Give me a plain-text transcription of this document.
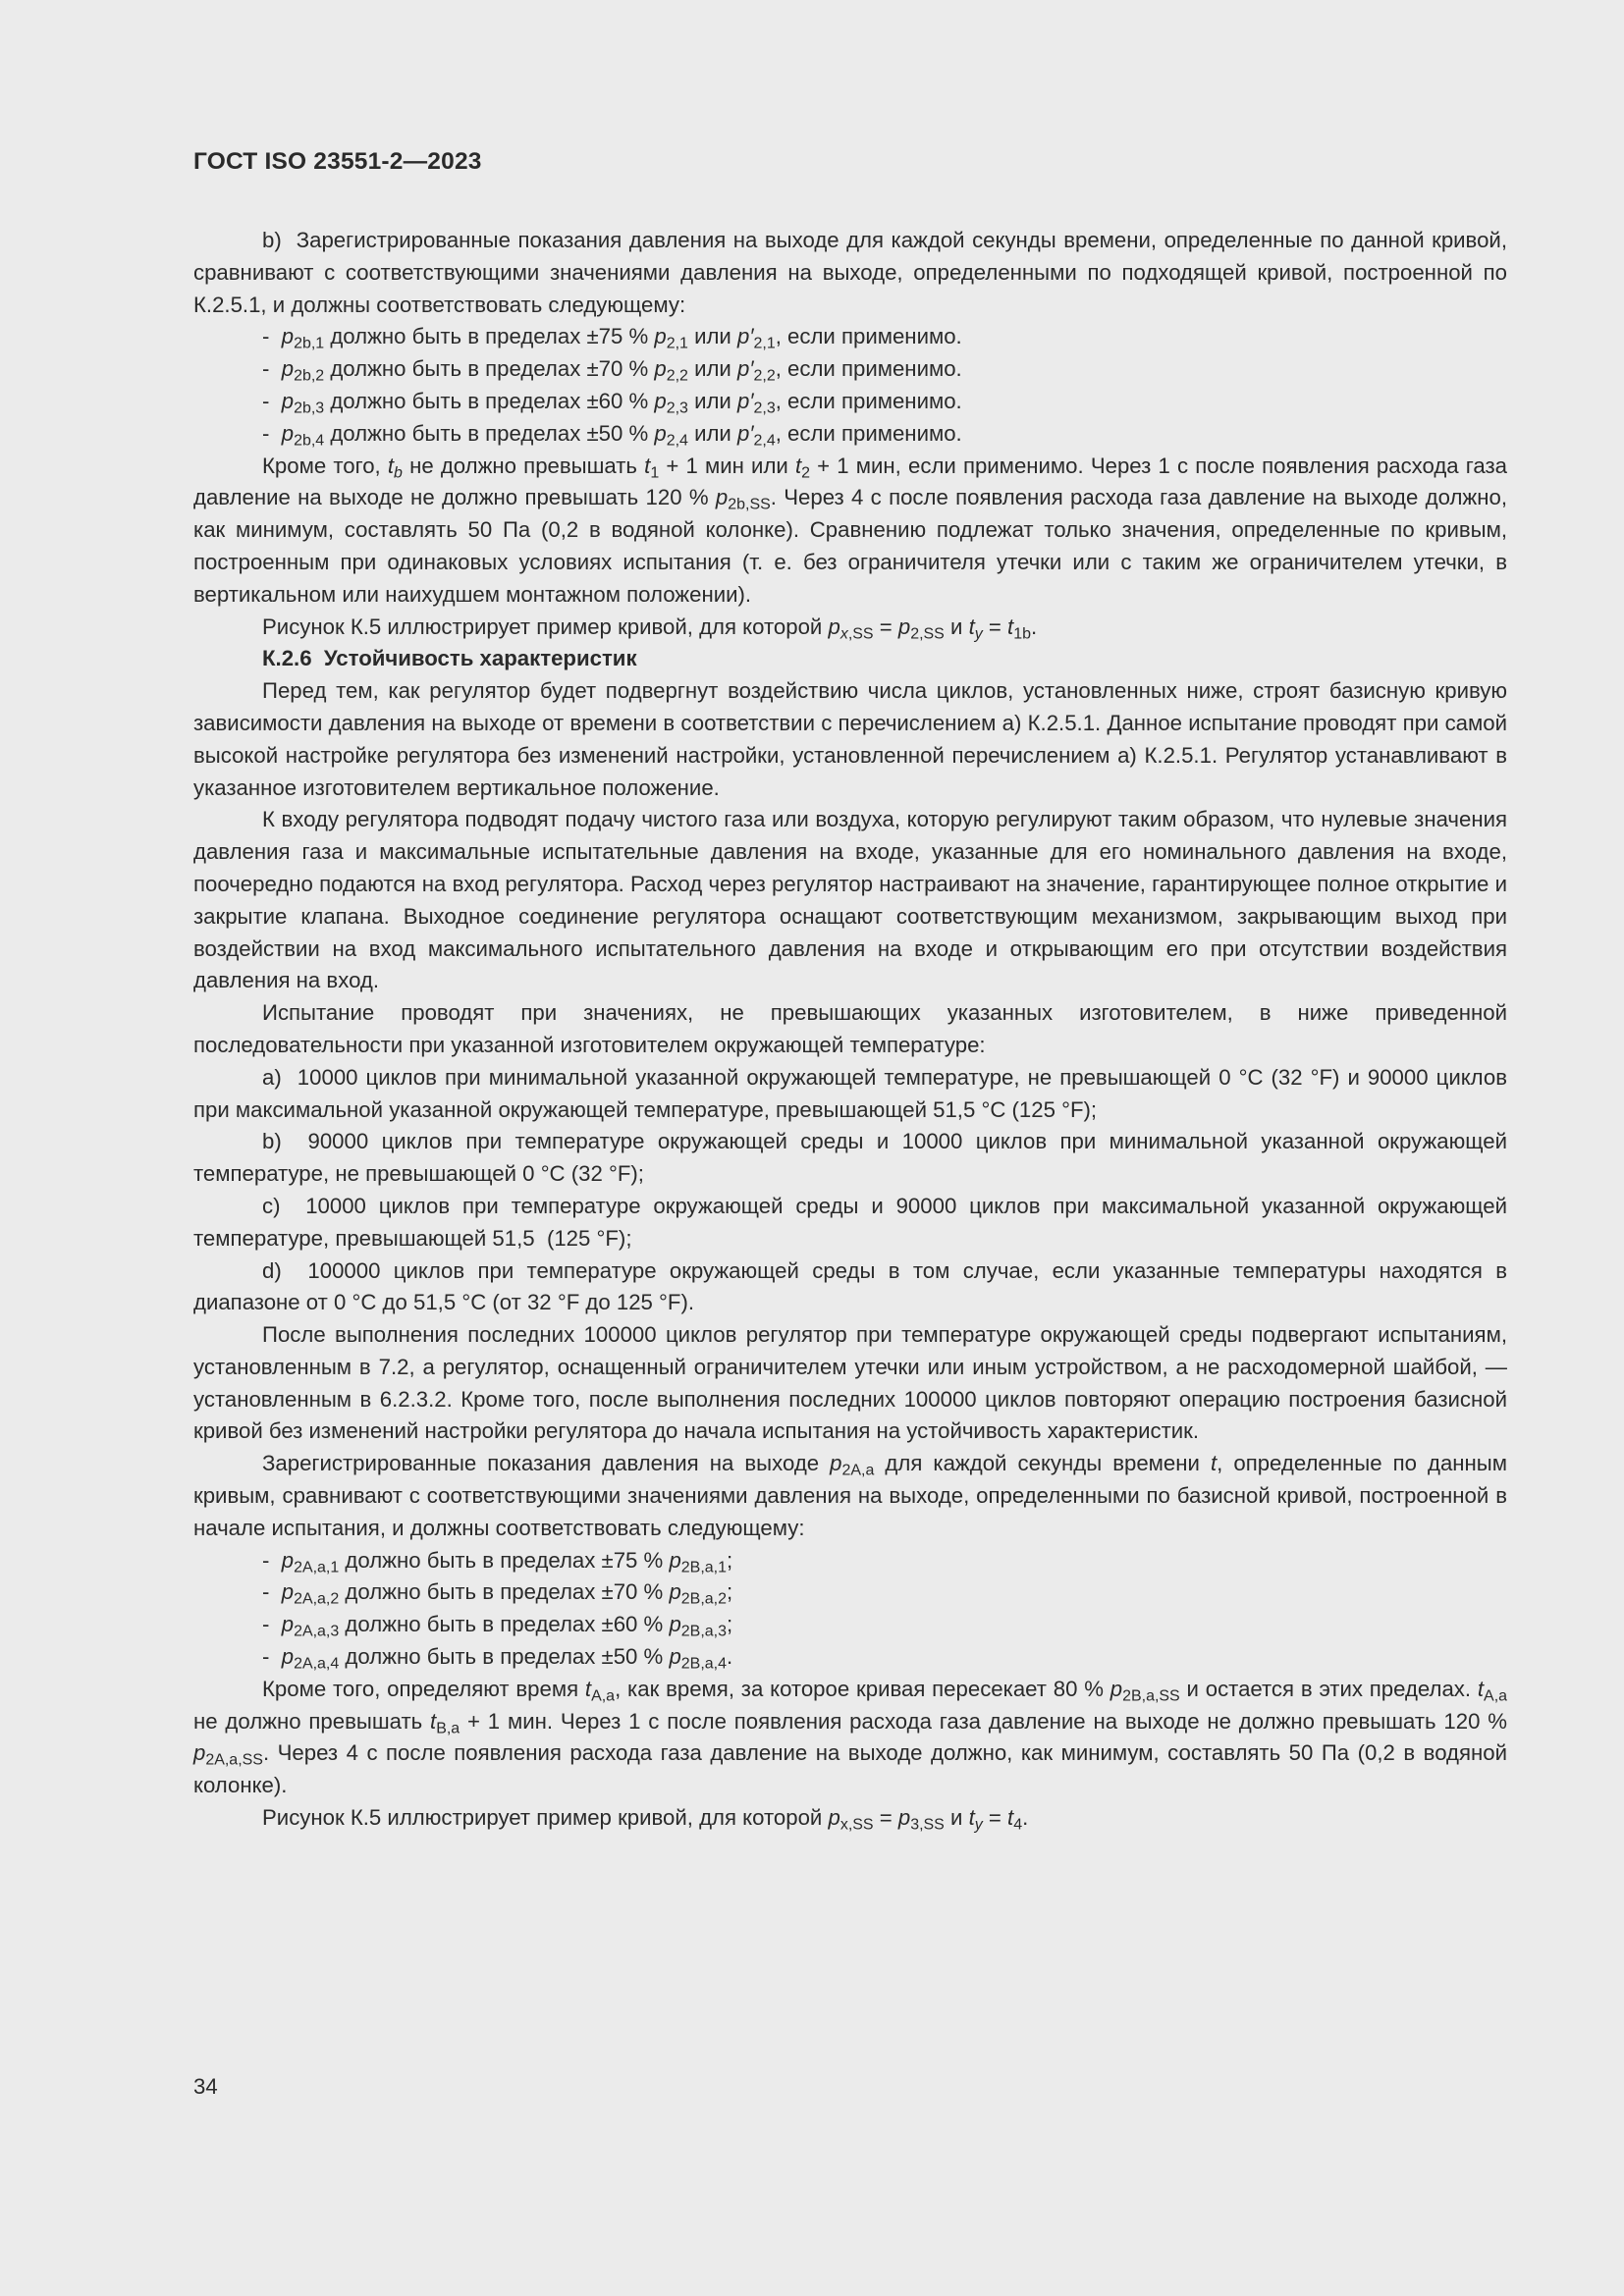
ГОСТ ISO 23551-2—2023

b)  Зарегистрированные показания давления на выходе для каждой секунды времени, определенные по данной кривой, сравнивают с соответствующими значениями давления на выходе, определенными по подходящей кривой, построенной по К.2.5.1, и должны соответствовать следующему:

-  $p_{2b,1}$ должно быть в пределах ±75 % $p_{2,1}$ или $p'_{2,1}$, если применимо.

-  $p_{2b,2}$ должно быть в пределах ±70 % $p_{2,2}$ или $p'_{2,2}$, если применимо.

-  $p_{2b,3}$ должно быть в пределах ±60 % $p_{2,3}$ или $p'_{2,3}$, если применимо.

-  $p_{2b,4}$ должно быть в пределах ±50 % $p_{2,4}$ или $p'_{2,4}$, если применимо.

Кроме того, $t_b$ не должно превышать $t_1 + 1$ мин или $t_2 + 1$ мин, если применимо. Через 1 с после появления расхода газа давление на выходе не должно превышать 120 % $p_{2b,SS}$. Через 4 с после появления расхода газа давление на выходе должно, как минимум, составлять 50 Па (0,2 в водяной колонке). Сравнению подлежат только значения, определенные по кривым, построенным при одинаковых условиях испытания (т. е. без ограничителя утечки или с таким же ограничителем утечки, в вертикальном или наихудшем монтажном положении).

Рисунок К.5 иллюстрирует пример кривой, для которой $p_{x,SS} = p_{2,SS}$ и $t_y = t_{1b}$.

К.2.6  Устойчивость характеристик

Перед тем, как регулятор будет подвергнут воздействию числа циклов, установленных ниже, строят базисную кривую зависимости давления на выходе от времени в соответствии с перечислением а) К.2.5.1. Данное испытание проводят при самой высокой настройке регулятора без изменений настройки, установленной перечислением а) К.2.5.1. Регулятор устанавливают в указанное изготовителем вертикальное положение.

К входу регулятора подводят подачу чистого газа или воздуха, которую регулируют таким образом, что нулевые значения давления газа и максимальные испытательные давления на входе, указанные для его номинального давления на входе, поочередно подаются на вход регулятора. Расход через регулятор настраивают на значение, гарантирующее полное открытие и закрытие клапана. Выходное соединение регулятора оснащают соответствующим механизмом, закрывающим выход при воздействии на вход максимального испытательного давления на входе и открывающим его при отсутствии воздействия давления на вход.

Испытание проводят при значениях, не превышающих указанных изготовителем, в ниже приведенной последовательности при указанной изготовителем окружающей температуре:

а)  10000 циклов при минимальной указанной окружающей температуре, не превышающей 0 °С (32 °F) и 90000 циклов при максимальной указанной окружающей температуре, превышающей 51,5 °С (125 °F);

b)  90000 циклов при температуре окружающей среды и 10000 циклов при минимальной указанной окружающей температуре, не превышающей 0 °С (32 °F);

с)  10000 циклов при температуре окружающей среды и 90000 циклов при максимальной указанной окружающей температуре, превышающей 51,5  (125 °F);

d)  100000 циклов при температуре окружающей среды в том случае, если указанные температуры находятся в диапазоне от 0 °С до 51,5 °С (от 32 °F до 125 °F).

После выполнения последних 100000 циклов регулятор при температуре окружающей среды подвергают испытаниям, установленным в 7.2, а регулятор, оснащенный ограничителем утечки или иным устройством, а не расходомерной шайбой, — установленным в 6.2.3.2. Кроме того, после выполнения последних 100000 циклов повторяют операцию построения базисной кривой без изменений настройки регулятора до начала испытания на устойчивость характеристик.

Зарегистрированные показания давления на выходе $p_{2А,а}$ для каждой секунды времени t, определенные по данным кривым, сравнивают с соответствующими значениями давления на выходе, определенными по базисной кривой, построенной в начале испытания, и должны соответствовать следующему:

-  $p_{2А,а,1}$ должно быть в пределах ±75 % $p_{2В,а,1}$;

-  $p_{2А,а,2}$ должно быть в пределах ±70 % $p_{2В,а,2}$;

-  $p_{2А,а,3}$ должно быть в пределах ±60 % $p_{2В,а,3}$;

-  $p_{2А,а,4}$ должно быть в пределах ±50 % $p_{2В,а,4}$.

Кроме того, определяют время $t_{А,а}$, как время, за которое кривая пересекает 80 % $p_{2В,а,SS}$ и остается в этих пределах. $t_{А,а}$ не должно превышать $t_{В,а} + 1$ мин. Через 1 с после появления расхода газа давление на выходе не должно превышать 120 % $p_{2А,а,SS}$. Через 4 с после появления расхода газа давление на выходе должно, как минимум, составлять 50 Па (0,2 в водяной колонке).

Рисунок К.5 иллюстрирует пример кривой, для которой $p_{x,SS} = p_{3,SS}$ и $t_y = t_4$.

34
